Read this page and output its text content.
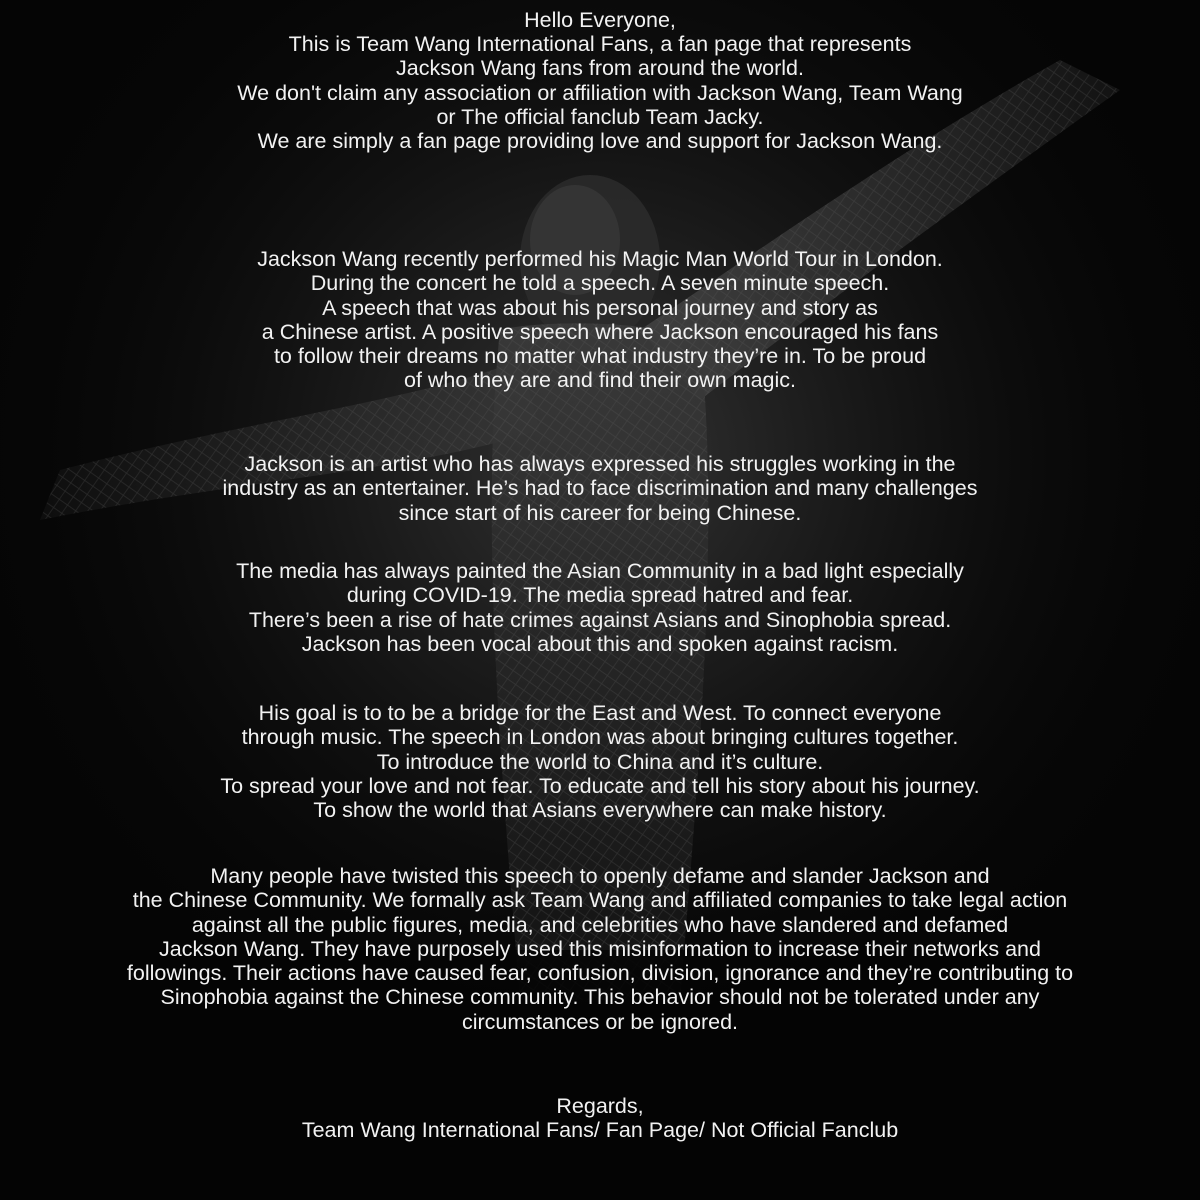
Hello Everyone,
This is Team Wang International Fans, a fan page that represents
Jackson Wang fans from around the world.
We don't claim any association or affiliation with Jackson Wang, Team Wang
or The official fanclub Team Jacky.
We are simply a fan page providing love and support for Jackson Wang.
Jackson Wang recently performed his Magic Man World Tour in London.
During the concert he told a speech. A seven minute speech.
A speech that was about his personal journey and story as
a Chinese artist. A positive speech where Jackson encouraged his fans
to follow their dreams no matter what industry they’re in. To be proud
of who they are and find their own magic.
Jackson is an artist who has always expressed his struggles working in the
industry as an entertainer. He’s had to face discrimination and many challenges
since start of his career for being Chinese.
The media has always painted the Asian Community in a bad light especially
during COVID-19. The media spread hatred and fear.
There’s been a rise of hate crimes against Asians and Sinophobia spread.
Jackson has been vocal about this and spoken against racism.
His goal is to to be a bridge for the East and West. To connect everyone
through music. The speech in London was about bringing cultures together.
To introduce the world to China and it’s culture.
To spread your love and not fear. To educate and tell his story about his journey.
To show the world that Asians everywhere can make history.
Many people have twisted this speech to openly defame and slander Jackson and
the Chinese Community. We formally ask Team Wang and affiliated companies to take legal action
against all the public figures, media, and celebrities who have slandered and defamed
Jackson Wang. They have purposely used this misinformation to increase their networks and
followings. Their actions have caused fear, confusion, division, ignorance and they’re contributing to
Sinophobia against the Chinese community. This behavior should not be tolerated under any
circumstances or be ignored.
Regards,
Team Wang International Fans/ Fan Page/ Not Official Fanclub
